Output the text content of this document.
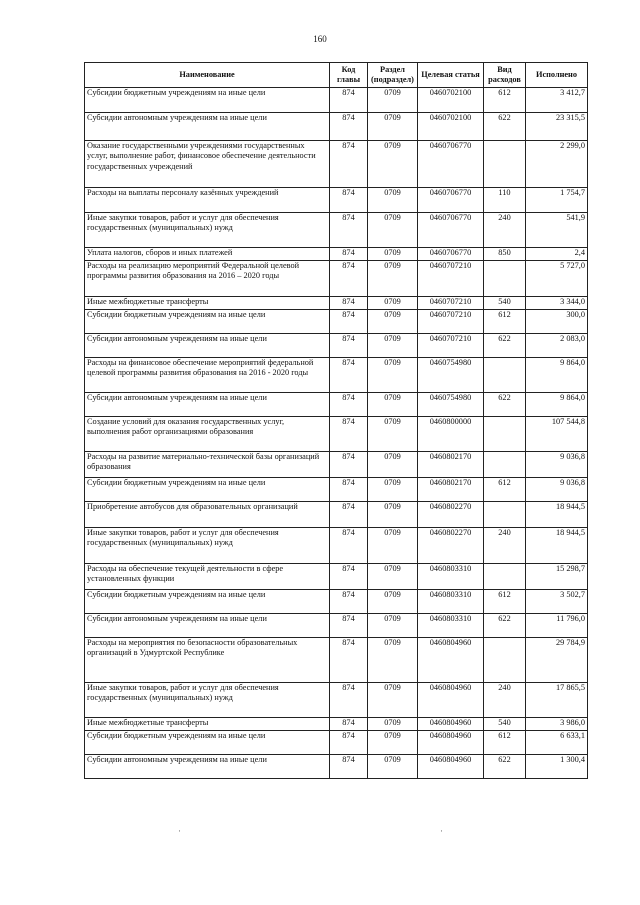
160
Наименование	Код главы	Раздел (подраздел)	Целевая статья	Вид расходов	Исполнено
Субсидии бюджетным учреждениям на иные цели	874	0709	0460702100	612	3 412,7
Субсидии автономным учреждениям на иные цели	874	0709	0460702100	622	23 315,5
Оказание государственными учреждениями государственных услуг, выполнение работ, финансовое обеспечение деятельности государственных учреждений	874	0709	0460706770		2 299,0
Расходы на выплаты персоналу казённых учреждений	874	0709	0460706770	110	1 754,7
Иные закупки товаров, работ и услуг для обеспечения государственных (муниципальных) нужд	874	0709	0460706770	240	541,9
Уплата налогов, сборов и иных платежей	874	0709	0460706770	850	2,4
Расходы на реализацию мероприятий Федеральной целевой программы развития образования на 2016 – 2020 годы	874	0709	0460707210		5 727,0
Иные межбюджетные трансферты	874	0709	0460707210	540	3 344,0
Субсидии бюджетным учреждениям на иные цели	874	0709	0460707210	612	300,0
Субсидии автономным учреждениям на иные цели	874	0709	0460707210	622	2 083,0
Расходы на финансовое обеспечение мероприятий федеральной целевой программы развития образования на 2016 - 2020 годы	874	0709	0460754980		9 864,0
Субсидии автономным учреждениям на иные цели	874	0709	0460754980	622	9 864,0
Создание условий для оказания государственных услуг, выполнения работ организациями образования	874	0709	0460800000		107 544,8
Расходы на развитие материально-технической базы организаций образования	874	0709	0460802170		9 036,8
Субсидии бюджетным учреждениям на иные цели	874	0709	0460802170	612	9 036,8
Приобретение автобусов для образовательных организаций	874	0709	0460802270		18 944,5
Иные закупки товаров, работ и услуг для обеспечения государственных (муниципальных) нужд	874	0709	0460802270	240	18 944,5
Расходы на обеспечение текущей деятельности в сфере установленных функции	874	0709	0460803310		15 298,7
Субсидии бюджетным учреждениям на иные цели	874	0709	0460803310	612	3 502,7
Субсидии автономным учреждениям на иные цели	874	0709	0460803310	622	11 796,0
Расходы на мероприятия по безопасности образовательных организаций в Удмуртской Республике	874	0709	0460804960		29 784,9
Иные закупки товаров, работ и услуг для обеспечения государственных (муниципальных) нужд	874	0709	0460804960	240	17 865,5
Иные межбюджетные трансферты	874	0709	0460804960	540	3 986,0
Субсидии бюджетным учреждениям на иные цели	874	0709	0460804960	612	6 633,1
Субсидии автономным учреждениям на иные цели	874	0709	0460804960	622	1 300,4
·	·
